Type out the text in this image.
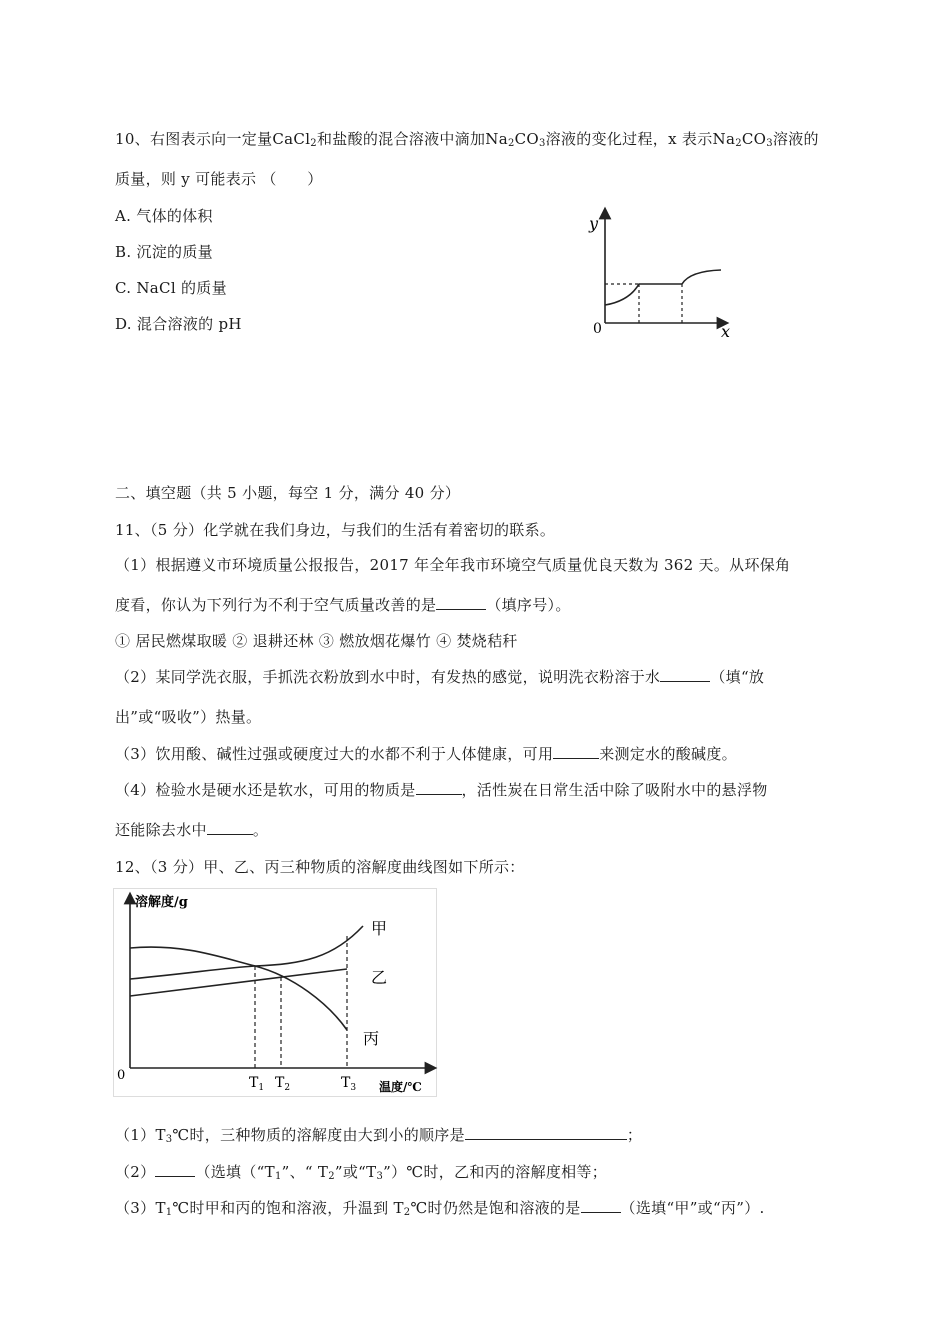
10、右图表示向一定量CaCl$_2$和盐酸的混合溶液中滴加$Na_2CO_3$溶液的变化过程，x 表示$Na_2CO_3$溶液的
质量，则 y 可能表示 （　　）
A. 气体的体积
B. 沉淀的质量
C. NaCl 的质量
D. 混合溶液的 pH
y
x
0
二、填空题（共 5 小题，每空 1 分，满分 40 分）
11、（5 分）化学就在我们身边，与我们的生活有着密切的联系。
（1）根据遵义市环境质量公报报告，2017 年全年我市环境空气质量优良天数为 362 天。从环保角
度看，你认为下列行为不利于空气质量改善的是	（填序号）。
① 居民燃煤取暖 ② 退耕还林 ③ 燃放烟花爆竹 ④ 焚烧秸秆
（2）某同学洗衣服，手抓洗衣粉放到水中时，有发热的感觉，说明洗衣粉溶于水	（填“放
出”或“吸收”）热量。
（3）饮用酸、碱性过强或硬度过大的水都不利于人体健康，可用	来测定水的酸碱度。
（4）检验水是硬水还是软水，可用的物质是	，活性炭在日常生活中除了吸附水中的悬浮物
还能除去水中	。
12、（3 分）甲、乙、丙三种物质的溶解度曲线图如下所示：
溶解度/g
温度/℃
0	$T_1$ $T_2$	$T_3$
甲
乙
丙
$(1)T_3℃$时，三种物质的溶解度由大到小的顺序是	；
（2）	（选填（“$T_1$”、“ $T_2$”或“$T_3”)℃$时，乙和丙的溶解度相等；
$(3)T_1℃$时甲和丙的饱和溶液，升温到 $T_2℃$时仍然是饱和溶液的是	（选填“甲”或“丙”）.
